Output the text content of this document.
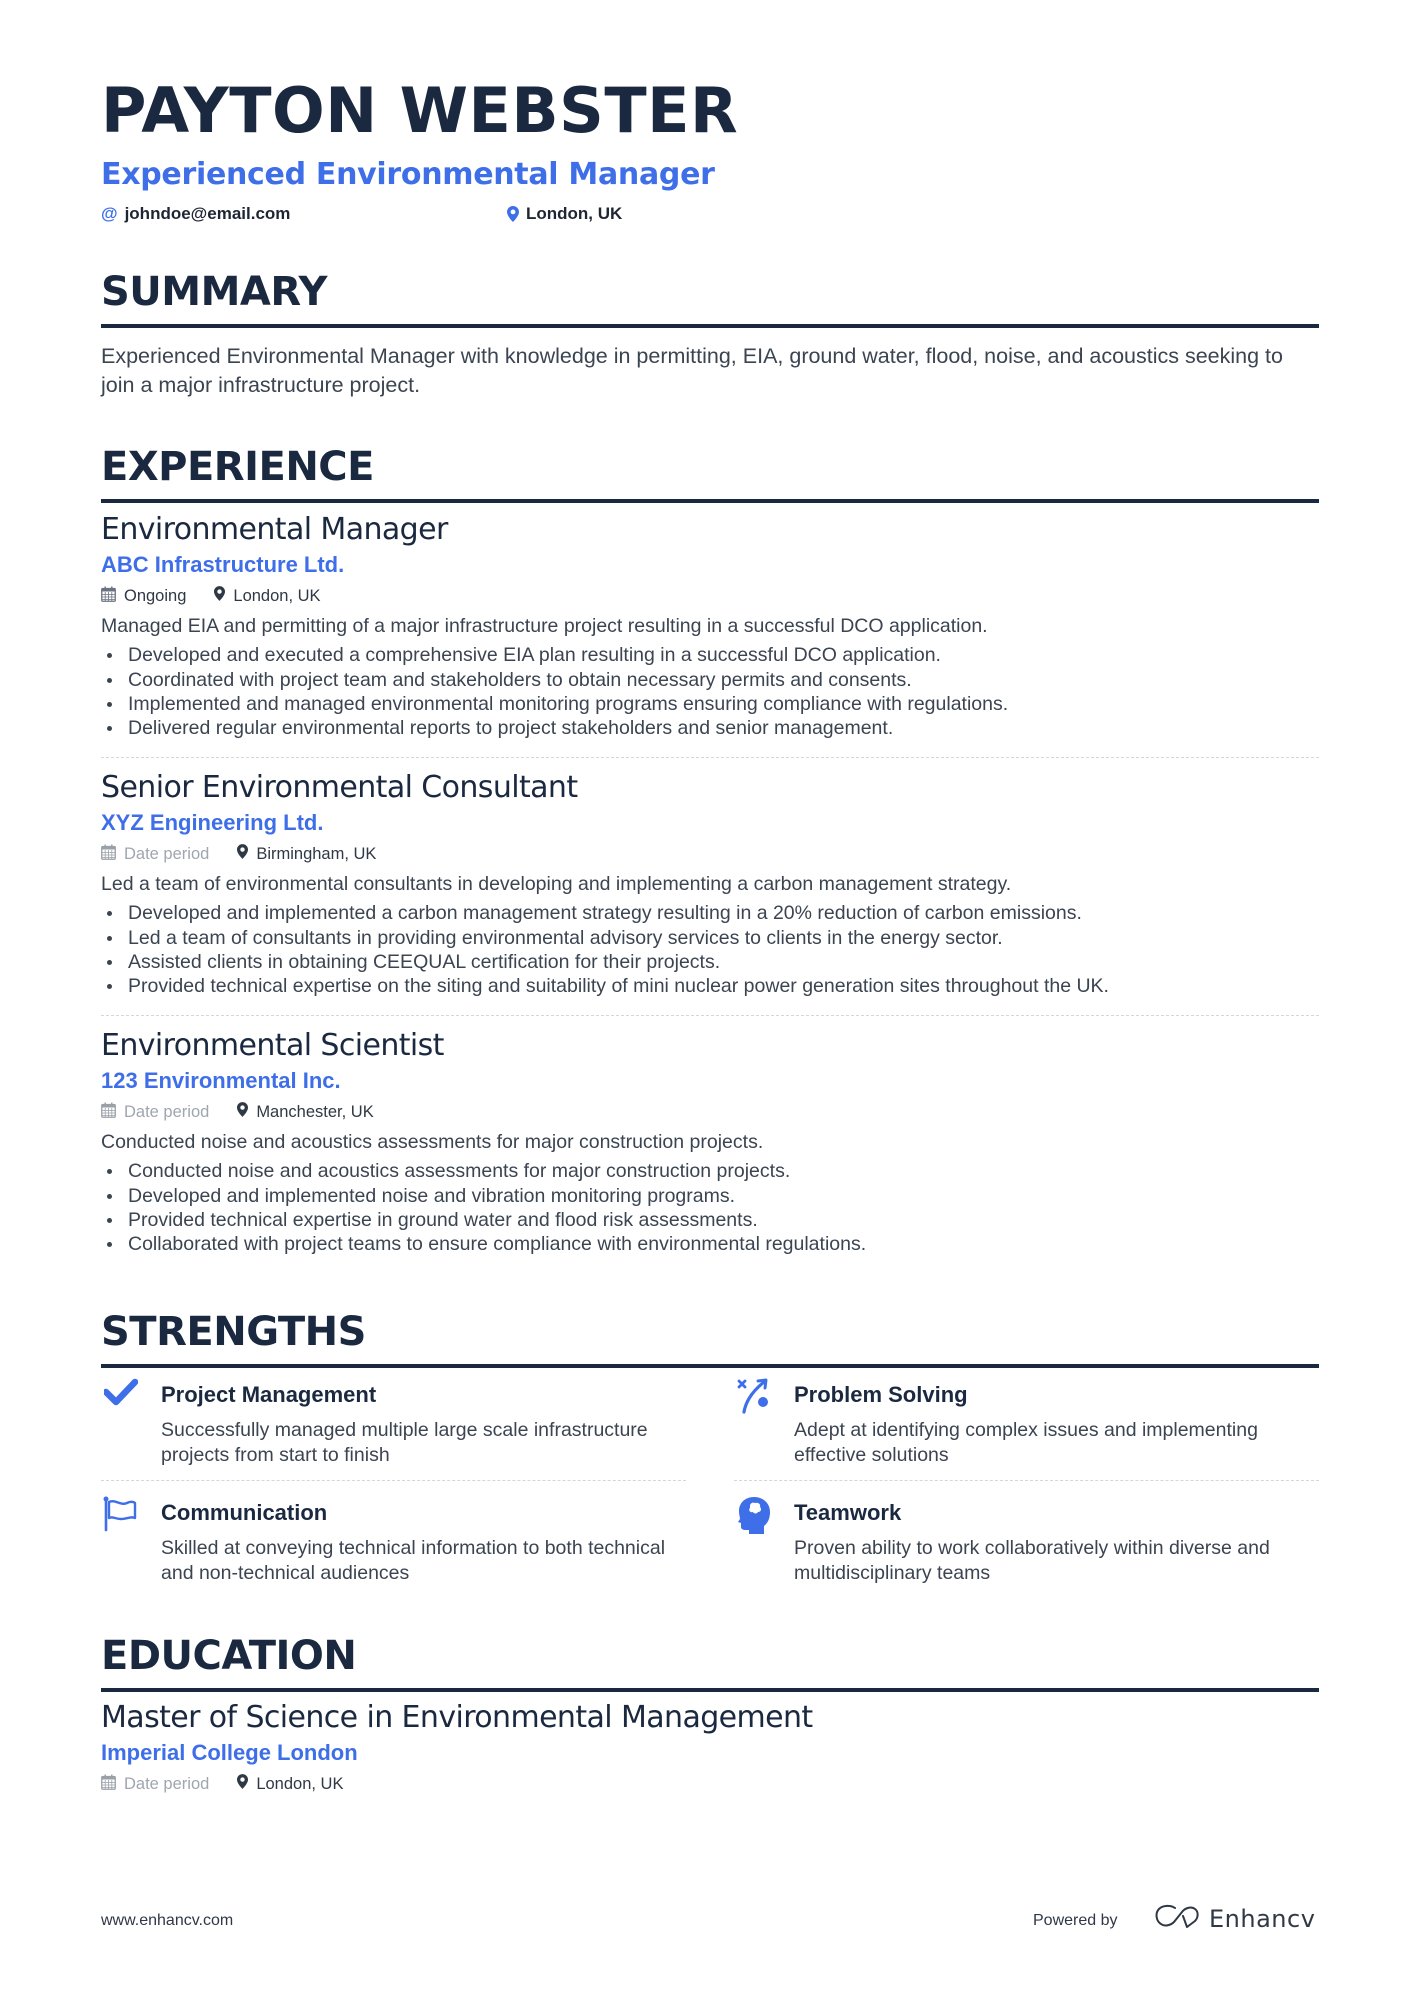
PAYTON WEBSTER
Experienced Environmental Manager
@ johndoe@email.com	London, UK
SUMMARY
Experienced Environmental Manager with knowledge in permitting, EIA, ground water, flood, noise, and acoustics seeking to join a major infrastructure project.
EXPERIENCE
Environmental Manager
ABC Infrastructure Ltd.
Ongoing	London, UK
Managed EIA and permitting of a major infrastructure project resulting in a successful DCO application.
Developed and executed a comprehensive EIA plan resulting in a successful DCO application.
Coordinated with project team and stakeholders to obtain necessary permits and consents.
Implemented and managed environmental monitoring programs ensuring compliance with regulations.
Delivered regular environmental reports to project stakeholders and senior management.
Senior Environmental Consultant
XYZ Engineering Ltd.
Date period	Birmingham, UK
Led a team of environmental consultants in developing and implementing a carbon management strategy.
Developed and implemented a carbon management strategy resulting in a 20% reduction of carbon emissions.
Led a team of consultants in providing environmental advisory services to clients in the energy sector.
Assisted clients in obtaining CEEQUAL certification for their projects.
Provided technical expertise on the siting and suitability of mini nuclear power generation sites throughout the UK.
Environmental Scientist
123 Environmental Inc.
Date period	Manchester, UK
Conducted noise and acoustics assessments for major construction projects.
Conducted noise and acoustics assessments for major construction projects.
Developed and implemented noise and vibration monitoring programs.
Provided technical expertise in ground water and flood risk assessments.
Collaborated with project teams to ensure compliance with environmental regulations.
STRENGTHS
Project Management
Successfully managed multiple large scale infrastructure projects from start to finish
Problem Solving
Adept at identifying complex issues and implementing effective solutions
Communication
Skilled at conveying technical information to both technical and non-technical audiences
Teamwork
Proven ability to work collaboratively within diverse and multidisciplinary teams
EDUCATION
Master of Science in Environmental Management
Imperial College London
Date period	London, UK
www.enhancv.com	Powered by	Enhancv
